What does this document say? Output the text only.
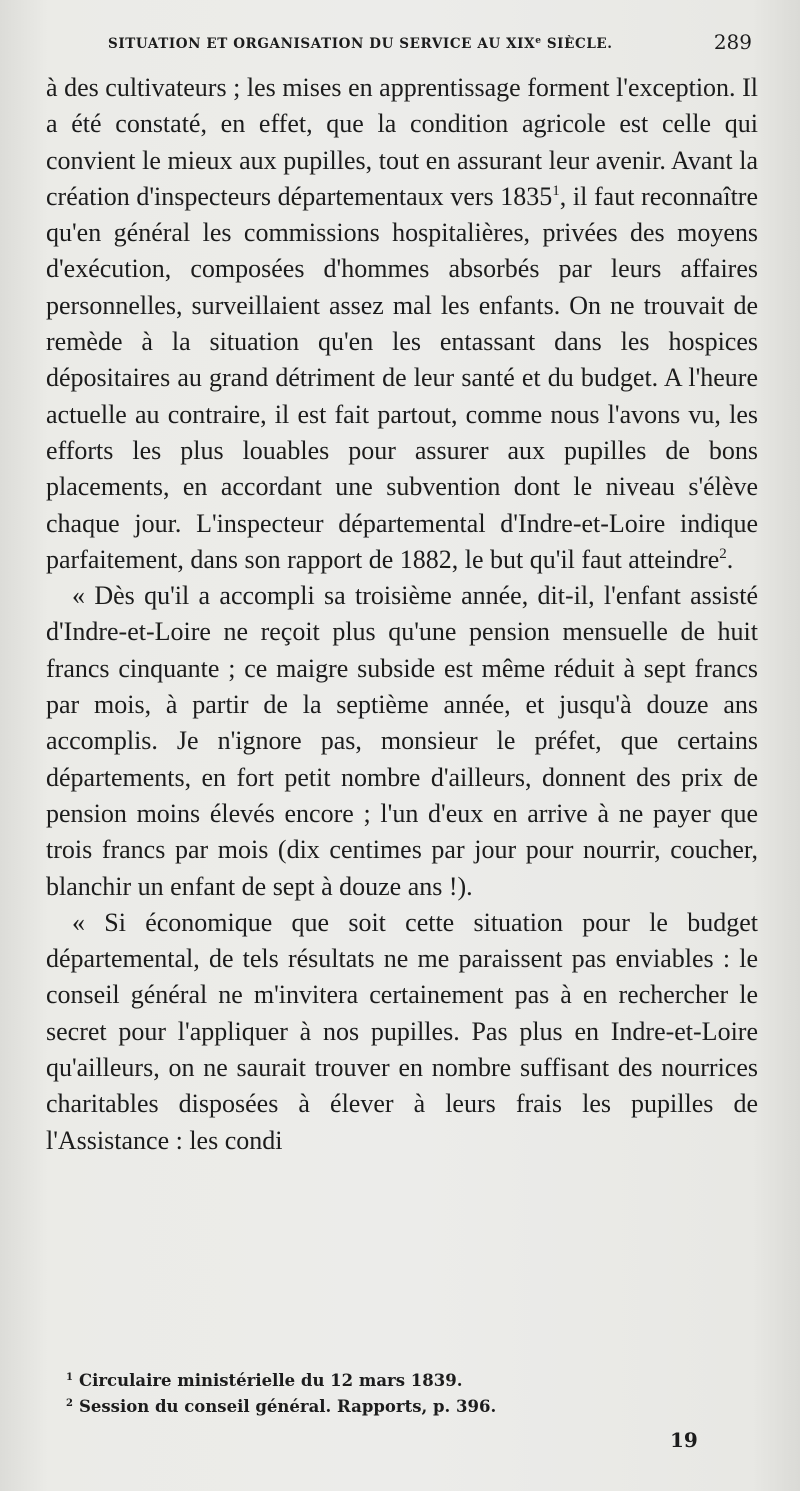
SITUATION ET ORGANISATION DU SERVICE AU XIXe SIÈCLE.	289

à des cultivateurs ; les mises en apprentissage forment l'exception. Il a été constaté, en effet, que la condition agricole est celle qui convient le mieux aux pupilles, tout en assurant leur avenir. Avant la création d'inspecteurs départementaux vers 1835$^1$, il faut reconnaître qu'en général les commissions hospitalières, privées des moyens d'exécution, composées d'hommes absorbés par leurs affaires personnelles, surveillaient assez mal les enfants. On ne trouvait de remède à la situation qu'en les entassant dans les hospices dépositaires au grand détriment de leur santé et du budget. A l'heure actuelle au contraire, il est fait partout, comme nous l'avons vu, les efforts les plus louables pour assurer aux pupilles de bons placements, en accordant une subvention dont le niveau s'élève chaque jour. L'inspecteur départemental d'Indre-et-Loire indique parfaitement, dans son rapport de 1882, le but qu'il faut atteindre$^2$.

« Dès qu'il a accompli sa troisième année, dit-il, l'enfant assisté d'Indre-et-Loire ne reçoit plus qu'une pension mensuelle de huit francs cinquante ; ce maigre subside est même réduit à sept francs par mois, à partir de la septième année, et jusqu'à douze ans accomplis. Je n'ignore pas, monsieur le préfet, que certains départements, en fort petit nombre d'ailleurs, donnent des prix de pension moins élevés encore ; l'un d'eux en arrive à ne payer que trois francs par mois (dix centimes par jour pour nourrir, coucher, blanchir un enfant de sept à douze ans !).

« Si économique que soit cette situation pour le budget départemental, de tels résultats ne me paraissent pas enviables : le conseil général ne m'invitera certainement pas à en rechercher le secret pour l'appliquer à nos pupilles. Pas plus en Indre-et-Loire qu'ailleurs, on ne saurait trouver en nombre suffisant des nourrices charitables disposées à élever à leurs frais les pupilles de l'Assistance : les condi

$^1$ Circulaire ministérielle du 12 mars 1839.
$^2$ Session du conseil général. Rapports, p. 396.
19
